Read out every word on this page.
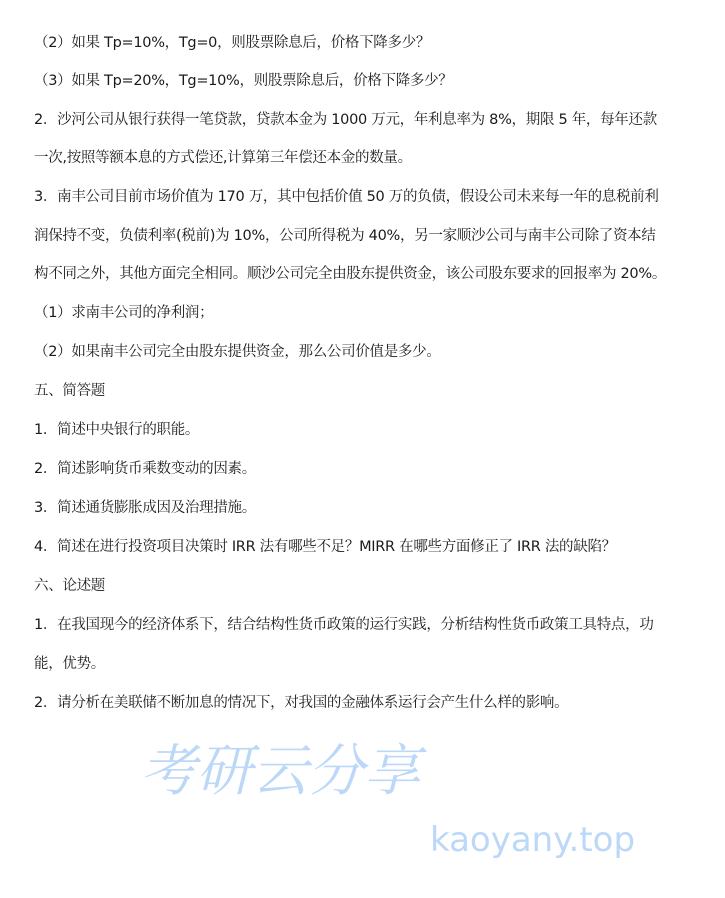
考研云分享
kaoyany.top
（2）如果 Tp=10%，Tg=0，则股票除息后，价格下降多少？
（3）如果 Tp=20%，Tg=10%，则股票除息后，价格下降多少？
2．沙河公司从银行获得一笔贷款，贷款本金为 1000 万元，年利息率为 8%，期限 5 年，每年还款
一次,按照等额本息的方式偿还,计算第三年偿还本金的数量。
3．南丰公司目前市场价值为 170 万，其中包括价值 50 万的负债，假设公司未来每一年的息税前利
润保持不变，负债利率(税前)为 10%，公司所得税为 40%，另一家顺沙公司与南丰公司除了资本结
构不同之外，其他方面完全相同。顺沙公司完全由股东提供资金，该公司股东要求的回报率为 20%。
（1）求南丰公司的净利润；
（2）如果南丰公司完全由股东提供资金，那么公司价值是多少。
五、简答题
1．简述中央银行的职能。
2．简述影响货币乘数变动的因素。
3．简述通货膨胀成因及治理措施。
4．简述在进行投资项目决策时 IRR 法有哪些不足？MIRR 在哪些方面修正了 IRR 法的缺陷？
六、论述题
1．在我国现今的经济体系下，结合结构性货币政策的运行实践，分析结构性货币政策工具特点，功
能，优势。
2．请分析在美联储不断加息的情况下，对我国的金融体系运行会产生什么样的影响。
